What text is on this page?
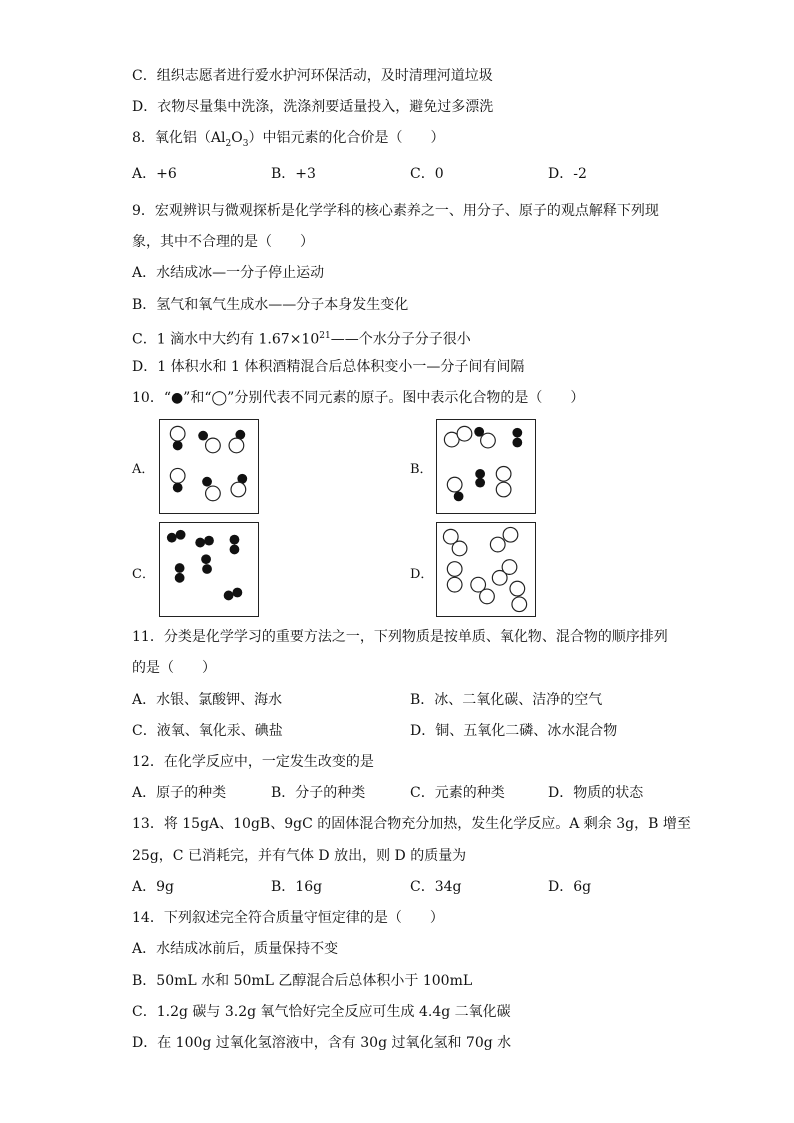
C．组织志愿者进行爱水护河环保活动，及时清理河道垃圾
D．衣物尽量集中洗涤，洗涤剂要适量投入，避免过多漂洗
8．氧化铝$(Al_2O_3)$中铝元素的化合价是（　　）
A．+6	B．+3	C．0	D．-2
9．宏观辨识与微观探析是化学学科的核心素养之一、用分子、原子的观点解释下列现
象，其中不合理的是（　　）
A．水结成冰—一分子停止运动
B．氢气和氧气生成水——分子本身发生变化
C．1 滴水中大约有 $1.67\times 10^{21}——$个水分子分子很小
D．1 体积水和 1 体积酒精混合后总体积变小一—分子间有间隔
10．“●”和“◯”分别代表不同元素的原子。图中表示化合物的是（　　）
A．	B．
C．	D．
11．分类是化学学习的重要方法之一，下列物质是按单质、氧化物、混合物的顺序排列
的是（　　）
A．水银、氯酸钾、海水	B．冰、二氧化碳、洁净的空气
C．液氧、氧化汞、碘盐	D．铜、五氧化二磷、冰水混合物
12．在化学反应中，一定发生改变的是
A．原子的种类	B．分子的种类	C．元素的种类	D．物质的状态
13．将 15gA、10gB、9gC 的固体混合物充分加热，发生化学反应。A 剩余 3g，B 增至
25g，C 已消耗完，并有气体 D 放出，则 D 的质量为
A．9g	B．16g	C．34g	D．6g
14．下列叙述完全符合质量守恒定律的是（　　）
A．水结成冰前后，质量保持不变
B．50mL 水和 50mL 乙醇混合后总体积小于 100mL
C．1.2g 碳与 3.2g 氧气恰好完全反应可生成 4.4g 二氧化碳
D．在 100g 过氧化氢溶液中，含有 30g 过氧化氢和 70g 水
